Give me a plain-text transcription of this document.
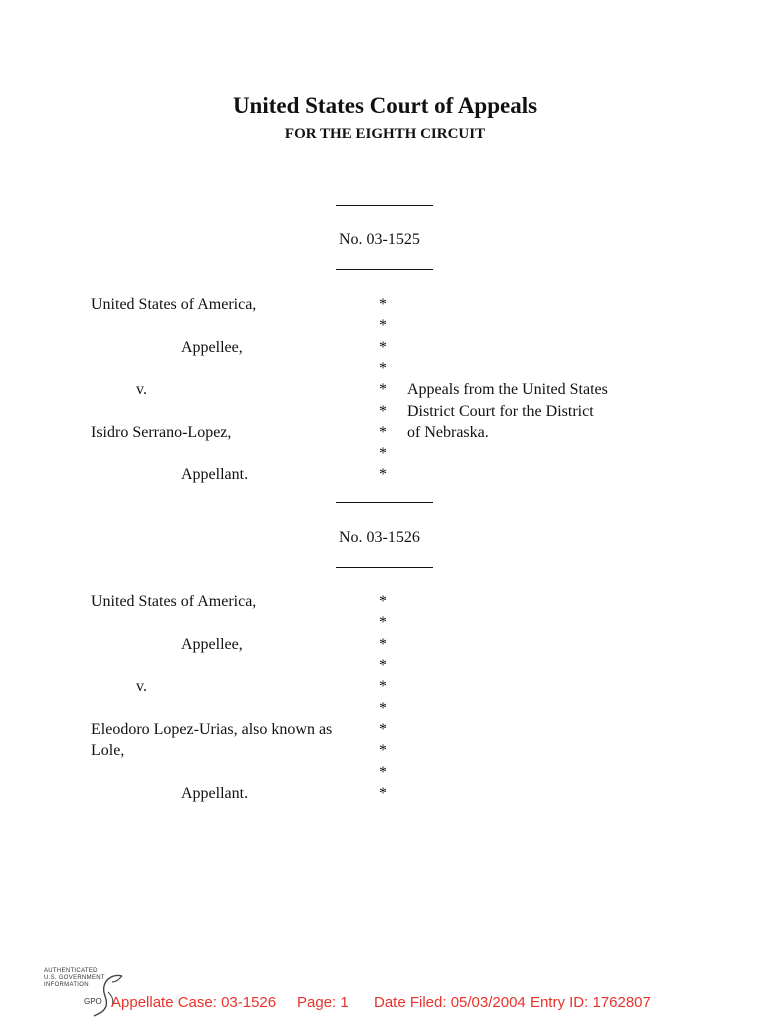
United States Court of Appeals
FOR THE EIGHTH CIRCUIT
No. 03-1525
United States of America,
Appellee,
v.
Isidro Serrano-Lopez,
Appellant.
*
*
*
*
*
*
*
*
*
Appeals from the United States
District Court for the District
of Nebraska.
No. 03-1526
United States of America,
Appellee,
v.
Eleodoro Lopez-Urias, also known as
Lole,
Appellant.
*
*
*
*
*
*
*
*
*
*
AUTHENTICATED
U.S. GOVERNMENT
INFORMATION
GPO Appellate Case: 03-1526 Page: 1 Date Filed: 05/03/2004 Entry ID: 1762807
